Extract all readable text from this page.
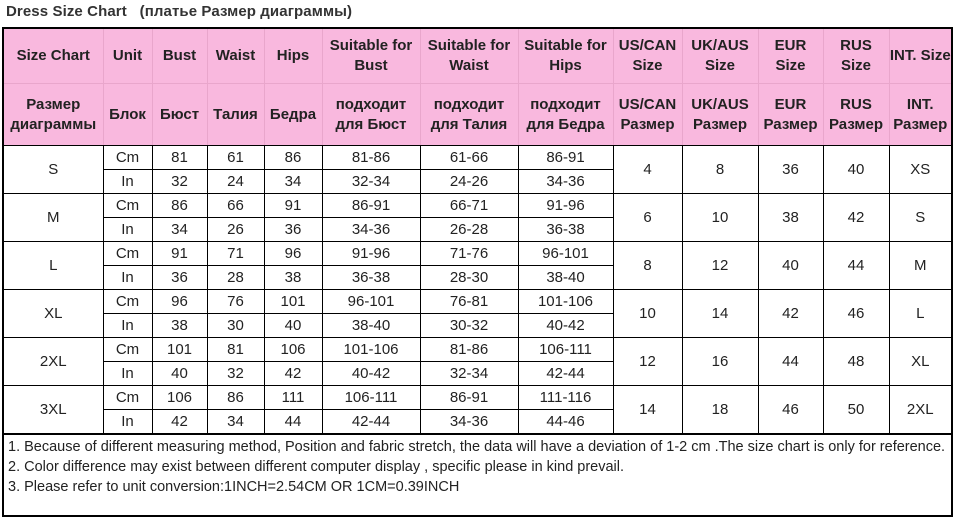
Dress Size Chart   (платье Размер диаграммы)
Size Chart	Unit	Bust	Waist	Hips	Suitable for Bust	Suitable for Waist	Suitable for Hips	US/CAN Size	UK/AUS Size	EUR Size	RUS Size	INT. Size
Размер диаграммы	Блок	Бюст	Талия	Бедра	подходит для Бюст	подходит для Талия	подходит для Бедра	US/CAN Размер	UK/AUS Размер	EUR Размер	RUS Размер	INT. Размер
S	Cm	81	61	86	81-86	61-66	86-91	4	8	36	40	XS
	In	32	24	34	32-34	24-26	34-36					
M	Cm	86	66	91	86-91	66-71	91-96	6	10	38	42	S
	In	34	26	36	34-36	26-28	36-38					
L	Cm	91	71	96	91-96	71-76	96-101	8	12	40	44	M
	In	36	28	38	36-38	28-30	38-40					
XL	Cm	96	76	101	96-101	76-81	101-106	10	14	42	46	L
	In	38	30	40	38-40	30-32	40-42					
2XL	Cm	101	81	106	101-106	81-86	106-111	12	16	44	48	XL
	In	40	32	42	40-42	32-34	42-44					
3XL	Cm	106	86	111	106-111	86-91	111-116	14	18	46	50	2XL
	In	42	34	44	42-44	34-36	44-46					
1. Because of different measuring method, Position and fabric stretch, the data will have a deviation of 1-2 cm .The size chart is only for reference.
2. Color difference may exist between different computer display , specific please in kind prevail.
3. Please refer to unit conversion:1INCH=2.54CM OR 1CM=0.39INCH
